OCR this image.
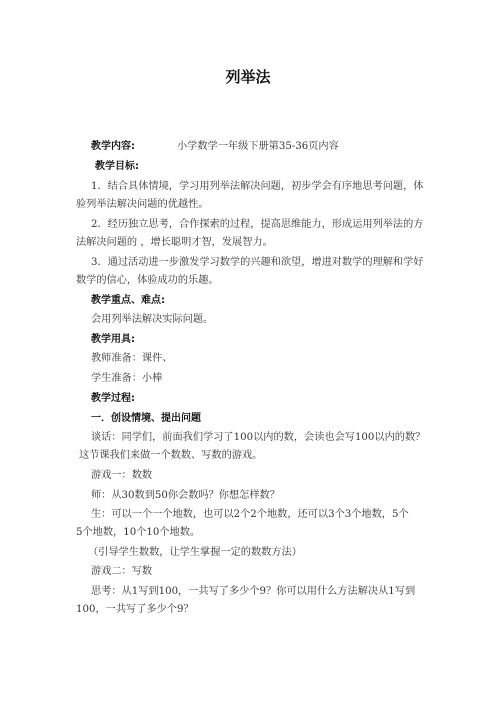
列举法
教学内容:	小学数学一年级下册第35-36页内容
教学目标:
1．结合具体情境，学习用列举法解决问题，初步学会有序地思考问题，体
验列举法解决问题的优越性。
2．经历独立思考，合作探索的过程，提高思维能力，形成运用列举法的方
法解决问题的 ，增长聪明才智，发展智力。
3．通过活动进一步激发学习数学的兴趣和欲望，增进对数学的理解和学好
数学的信心，体验成功的乐趣。
教学重点、难点:
会用列举法解决实际问题。
教学用具:
教师准备：课件、
学生准备：小棒
教学过程:
一．创设情境、提出问题
谈话：同学们，前面我们学习了100以内的数，会读也会写100以内的数？
这节课我们来做一个数数、写数的游戏。
游戏一：数数
师：从30数到50你会数吗？你想怎样数？
生：可以一个一个地数，也可以2个2个地数，还可以3个3个地数，5个
5个地数，10个10个地数。
（引导学生数数，让学生掌握一定的数数方法）
游戏二：写数
思考：从1写到100，一共写了多少个9？你可以用什么方法解决从1写到
100，一共写了多少个9？
